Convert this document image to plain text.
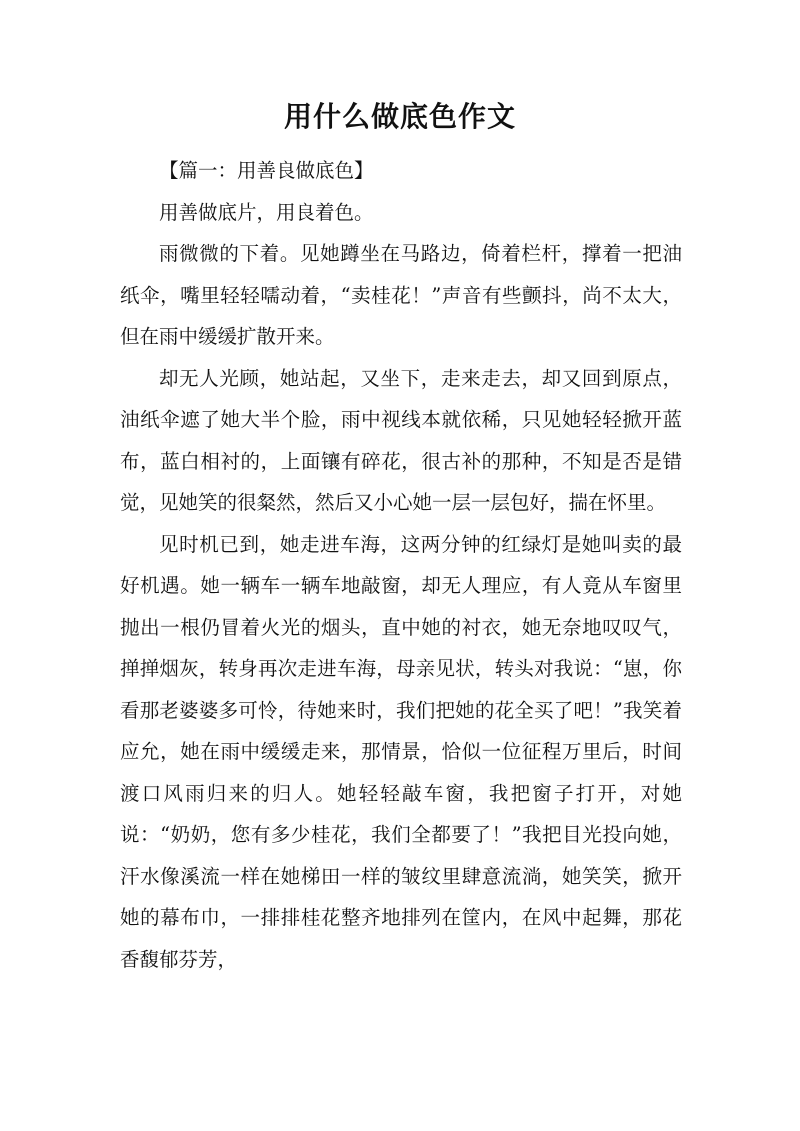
用什么做底色作文

【篇一：用善良做底色】

用善做底片，用良着色。

雨微微的下着。见她蹲坐在马路边，倚着栏杆，撑着一把油纸伞，嘴里轻轻嚅动着，“卖桂花！”声音有些颤抖，尚不太大，但在雨中缓缓扩散开来。

却无人光顾，她站起，又坐下，走来走去，却又回到原点，油纸伞遮了她大半个脸，雨中视线本就依稀，只见她轻轻掀开蓝布，蓝白相衬的，上面镶有碎花，很古补的那种，不知是否是错觉，见她笑的很粲然，然后又小心她一层一层包好，揣在怀里。

见时机已到，她走进车海，这两分钟的红绿灯是她叫卖的最好机遇。她一辆车一辆车地敲窗，却无人理应，有人竟从车窗里抛出一根仍冒着火光的烟头，直中她的衬衣，她无奈地叹叹气，掸掸烟灰，转身再次走进车海，母亲见状，转头对我说：“崽，你看那老婆婆多可怜，待她来时，我们把她的花全买了吧！”我笑着应允，她在雨中缓缓走来，那情景，恰似一位征程万里后，时间渡口风雨归来的归人。她轻轻敲车窗，我把窗子打开，对她说：“奶奶，您有多少桂花，我们全都要了！”我把目光投向她，汗水像溪流一样在她梯田一样的皱纹里肆意流淌，她笑笑，掀开她的幕布巾，一排排桂花整齐地排列在筐内，在风中起舞，那花香馥郁芬芳，
